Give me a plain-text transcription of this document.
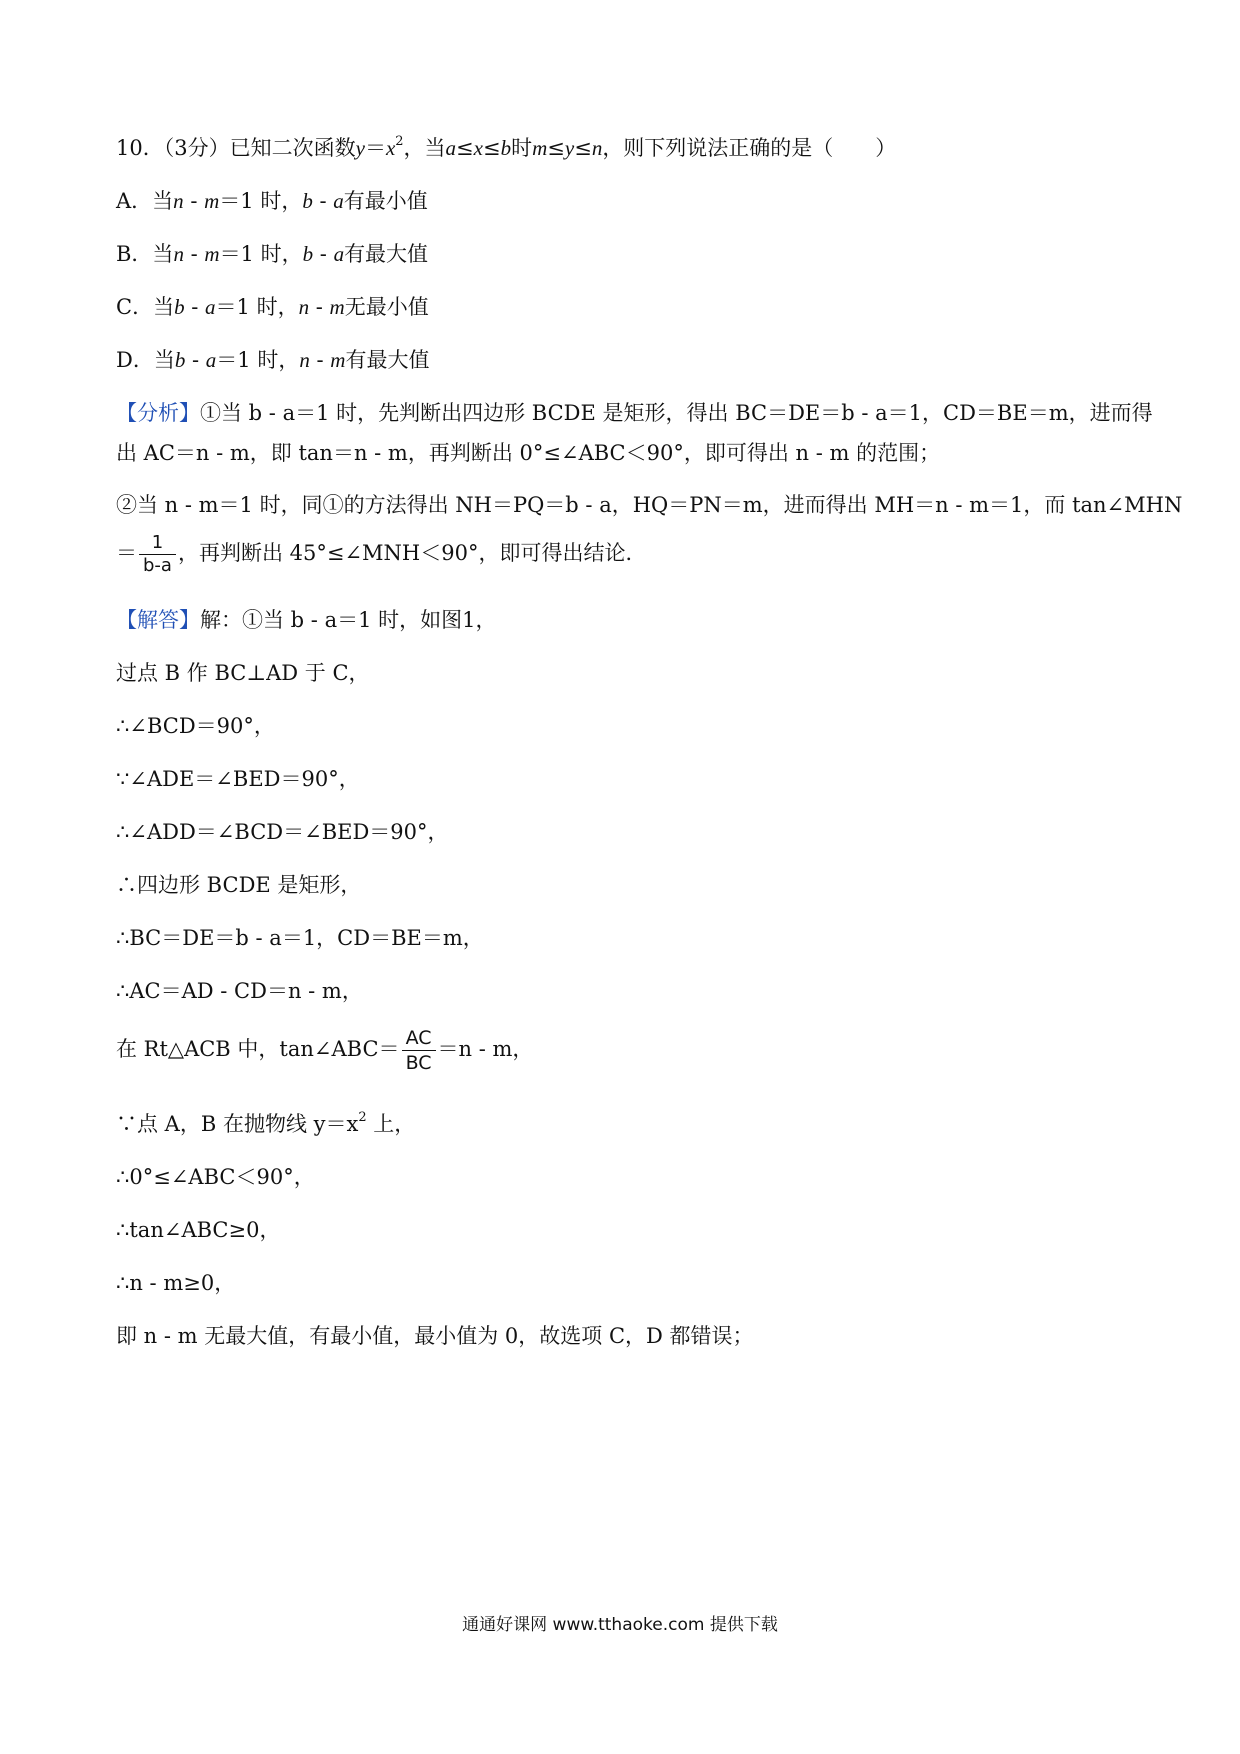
10．（3分）已知二次函数$y=x^2$，当a≤x≤b时m≤y≤n，则下列说法正确的是（　　）
A．当n ‑ m＝1 时，b ‑ a有最小值
B．当n ‑ m＝1 时，b ‑ a有最大值
C．当b ‑ a＝1 时，n ‑ m无最小值
D．当b ‑ a＝1 时，n ‑ m有最大值
【分析】①当 b ‑ a＝1 时，先判断出四边形 BCDE 是矩形，得出 BC＝DE＝b ‑ a＝1，CD＝BE＝m，进而得
出 AC＝n ‑ m，即 tan＝n ‑ m，再判断出 0°≤∠ABC＜90°，即可得出 n ‑ m 的范围；
②当 n ‑ m＝1 时，同①的方法得出 NH＝PQ＝b ‑ a，HQ＝PN＝m，进而得出 MH＝n ‑ m＝1，而 tan∠MHN
＝ $\frac{1}{b-a}$ ，再判断出 45°≤∠MNH＜90°，即可得出结论．
【解答】解：①当 b ‑ a＝1 时，如图1，
过点 B 作 BC⊥AD 于 C，
∴∠BCD＝90°，
∵∠ADE＝∠BED＝90°，
∴∠ADD＝∠BCD＝∠BED＝90°，
∴四边形 BCDE 是矩形，
∴BC＝DE＝b ‑ a＝1，CD＝BE＝m，
∴AC＝AD ‑ CD＝n ‑ m，
在 Rt△ACB 中，tan∠ABC＝ $\frac{AC}{BC} =n$ ‑ m，
∵点 A，B 在抛物线 $y=x^2$ 上，
∴0°≤∠ABC＜90°，
∴tan∠ABC≥0，
∴n ‑ m≥0，
即 n ‑ m 无最大值，有最小值，最小值为 0，故选项 C，D 都错误；
通通好课网 www.tthaoke.com 提供下载
